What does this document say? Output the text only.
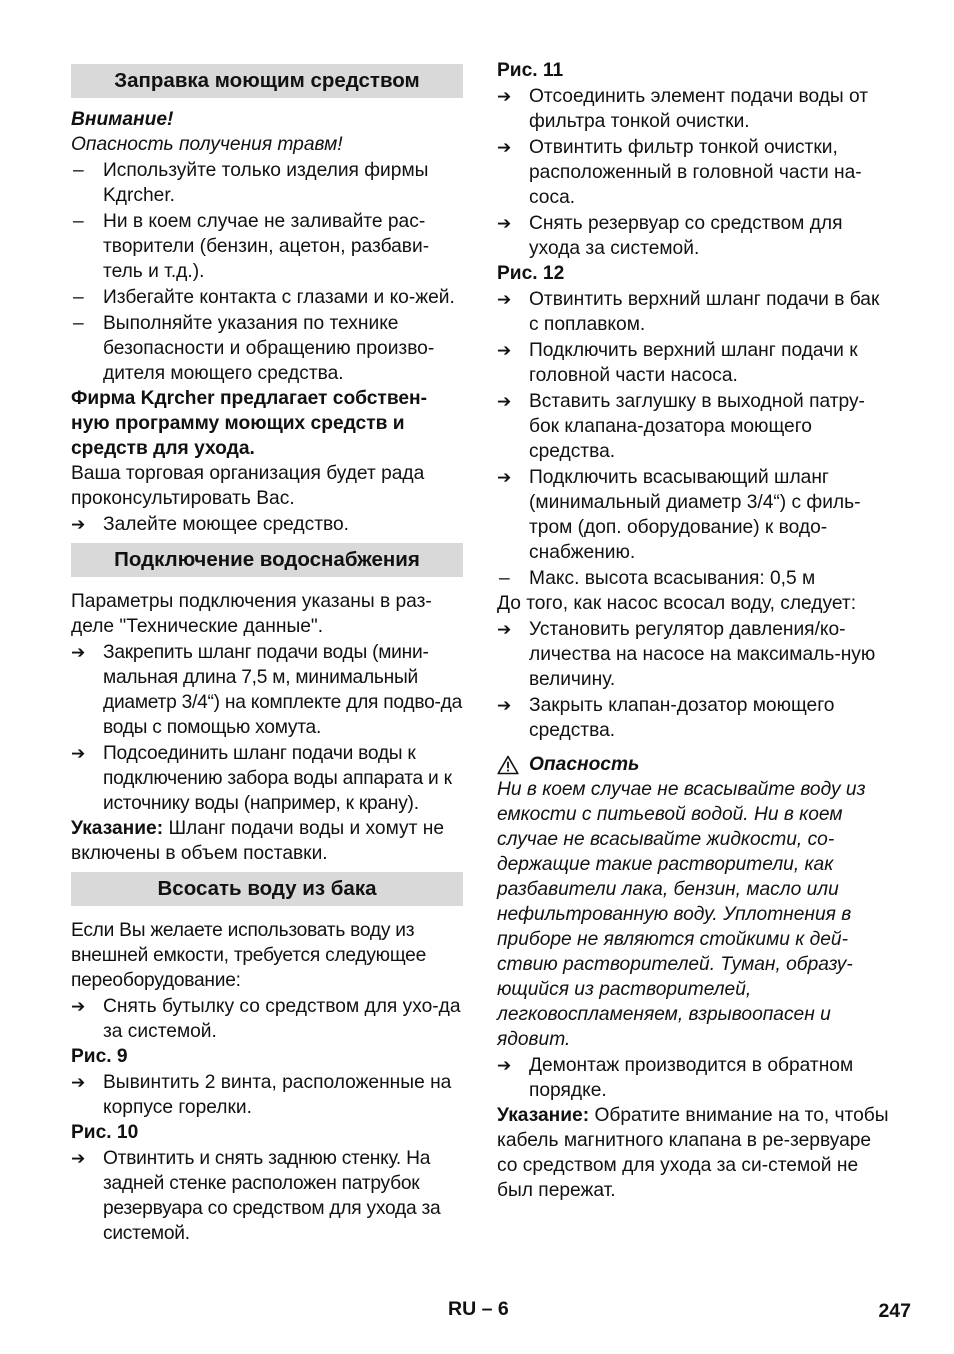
Заправка моющим средством

Внимание!

Опасность получения травм!

–	Используйте только изделия фирмы Kдrcher.
–	Ни в коем случае не заливайте рас-творители (бензин, ацетон, разбави-тель и т.д.).
–	Избегайте контакта с глазами и ко-жей.
–	Выполняйте указания по технике безопасности и обращению произво-дителя моющего средства.

Фирма Kдrcher предлагает собствен-ную программу моющих средств и средств для ухода.

Ваша торговая организация будет рада проконсультировать Вас.

➔ Залейте моющее средство.
Подключение водоснабжения

Параметры подключения указаны в раз-деле "Технические данные".

➔ Закрепить шланг подачи воды (мини-мальная длина 7,5 м, минимальный диаметр 3/4“) на комплекте для подво-да воды с помощью хомута.
➔ Подсоединить шланг подачи воды к подключению забора воды аппарата и к источнику воды (например, к крану).

Указание: Шланг подачи воды и хомут не включены в объем поставки.

Всосать воду из бака

Если Вы желаете использовать воду из внешней емкости, требуется следующее переоборудование:

➔ Снять бутылку со средством для ухо-да за системой.

Рис. 9

➔ Вывинтить 2 винта, расположенные на корпусе горелки.

Рис. 10

➔ Отвинтить и снять заднюю стенку. На задней стенке расположен патрубок резервуара со средством для ухода за системой.

Рис. 11

➔ Отсоединить элемент подачи воды от фильтра тонкой очистки.
➔ Отвинтить фильтр тонкой очистки, расположенный в головной части на-соса.
➔ Снять резервуар со средством для ухода за системой.

Рис. 12

➔ Отвинтить верхний шланг подачи в бак с поплавком.
➔ Подключить верхний шланг подачи к головной части насоса.
➔ Вставить заглушку в выходной патру-бок клапана-дозатора моющего средства.
➔ Подключить всасывающий шланг (минимальный диаметр 3/4“) с филь-тром (доп. оборудование) к водо-снабжению.
–	Макс. высота всасывания: 0,5 м

До того, как насос всосал воду, следует:

➔ Установить регулятор давления/ко-личества на насосе на максималь-ную величину.
➔ Закрыть клапан-дозатор моющего средства.
Опасность

Ни в коем случае не всасывайте воду из емкости с питьевой водой. Ни в коем случае не всасывайте жидкости, со-держащие такие растворители, как разбавители лака, бензин, масло или нефильтрованную воду. Уплотнения в приборе не являются стойкими к дей-ствию растворителей. Туман, образу-ющийся из растворителей, легковоспламеняем, взрывоопасен и ядовит.

➔ Демонтаж производится в обратном порядке.

Указание: Обратите внимание на то, чтобы кабель магнитного клапана в ре-зервуаре со средством для ухода за си-стемой не был пережат.

RU – 6	247
